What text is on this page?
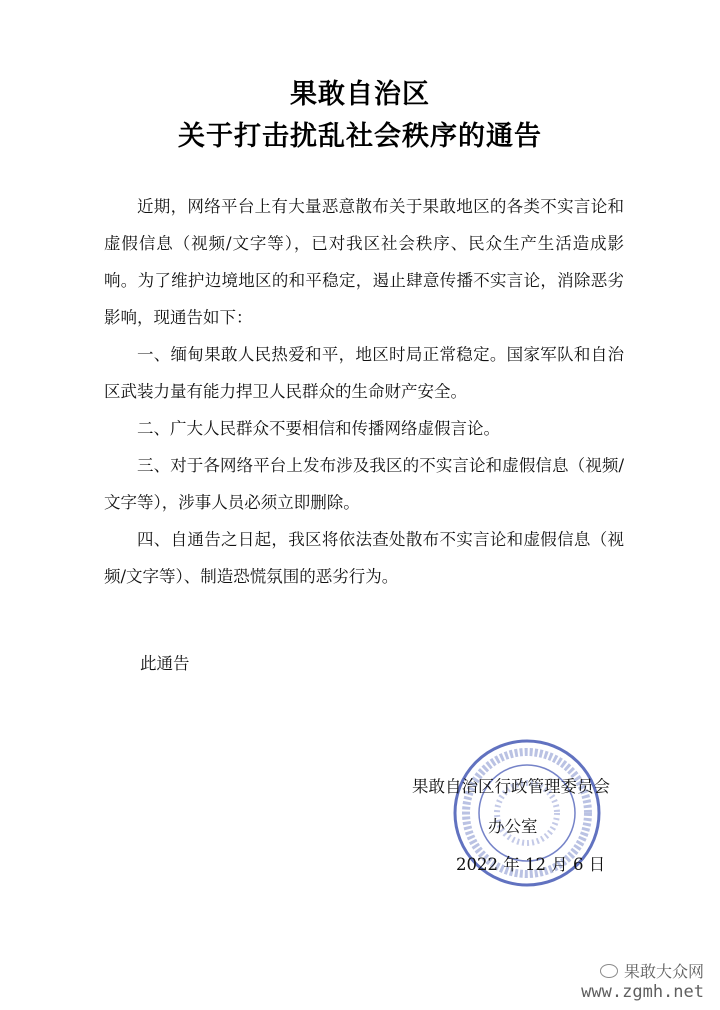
果敢自治区
关于打击扰乱社会秩序的通告

近期，网络平台上有大量恶意散布关于果敢地区的各类不实言论和虚假信息（视频/文字等），已对我区社会秩序、民众生产生活造成影响。为了维护边境地区的和平稳定，遏止肆意传播不实言论，消除恶劣影响，现通告如下：

一、缅甸果敢人民热爱和平，地区时局正常稳定。国家军队和自治区武装力量有能力捍卫人民群众的生命财产安全。

二、广大人民群众不要相信和传播网络虚假言论。

三、对于各网络平台上发布涉及我区的不实言论和虚假信息（视频/文字等），涉事人员必须立即删除。

四、自通告之日起，我区将依法查处散布不实言论和虚假信息（视频/文字等）、制造恐慌氛围的恶劣行为。

此通告
果敢自治区行政管理委员会
办公室
2022 年 12 月 6 日
果敢大众网
www.zgmh.net
